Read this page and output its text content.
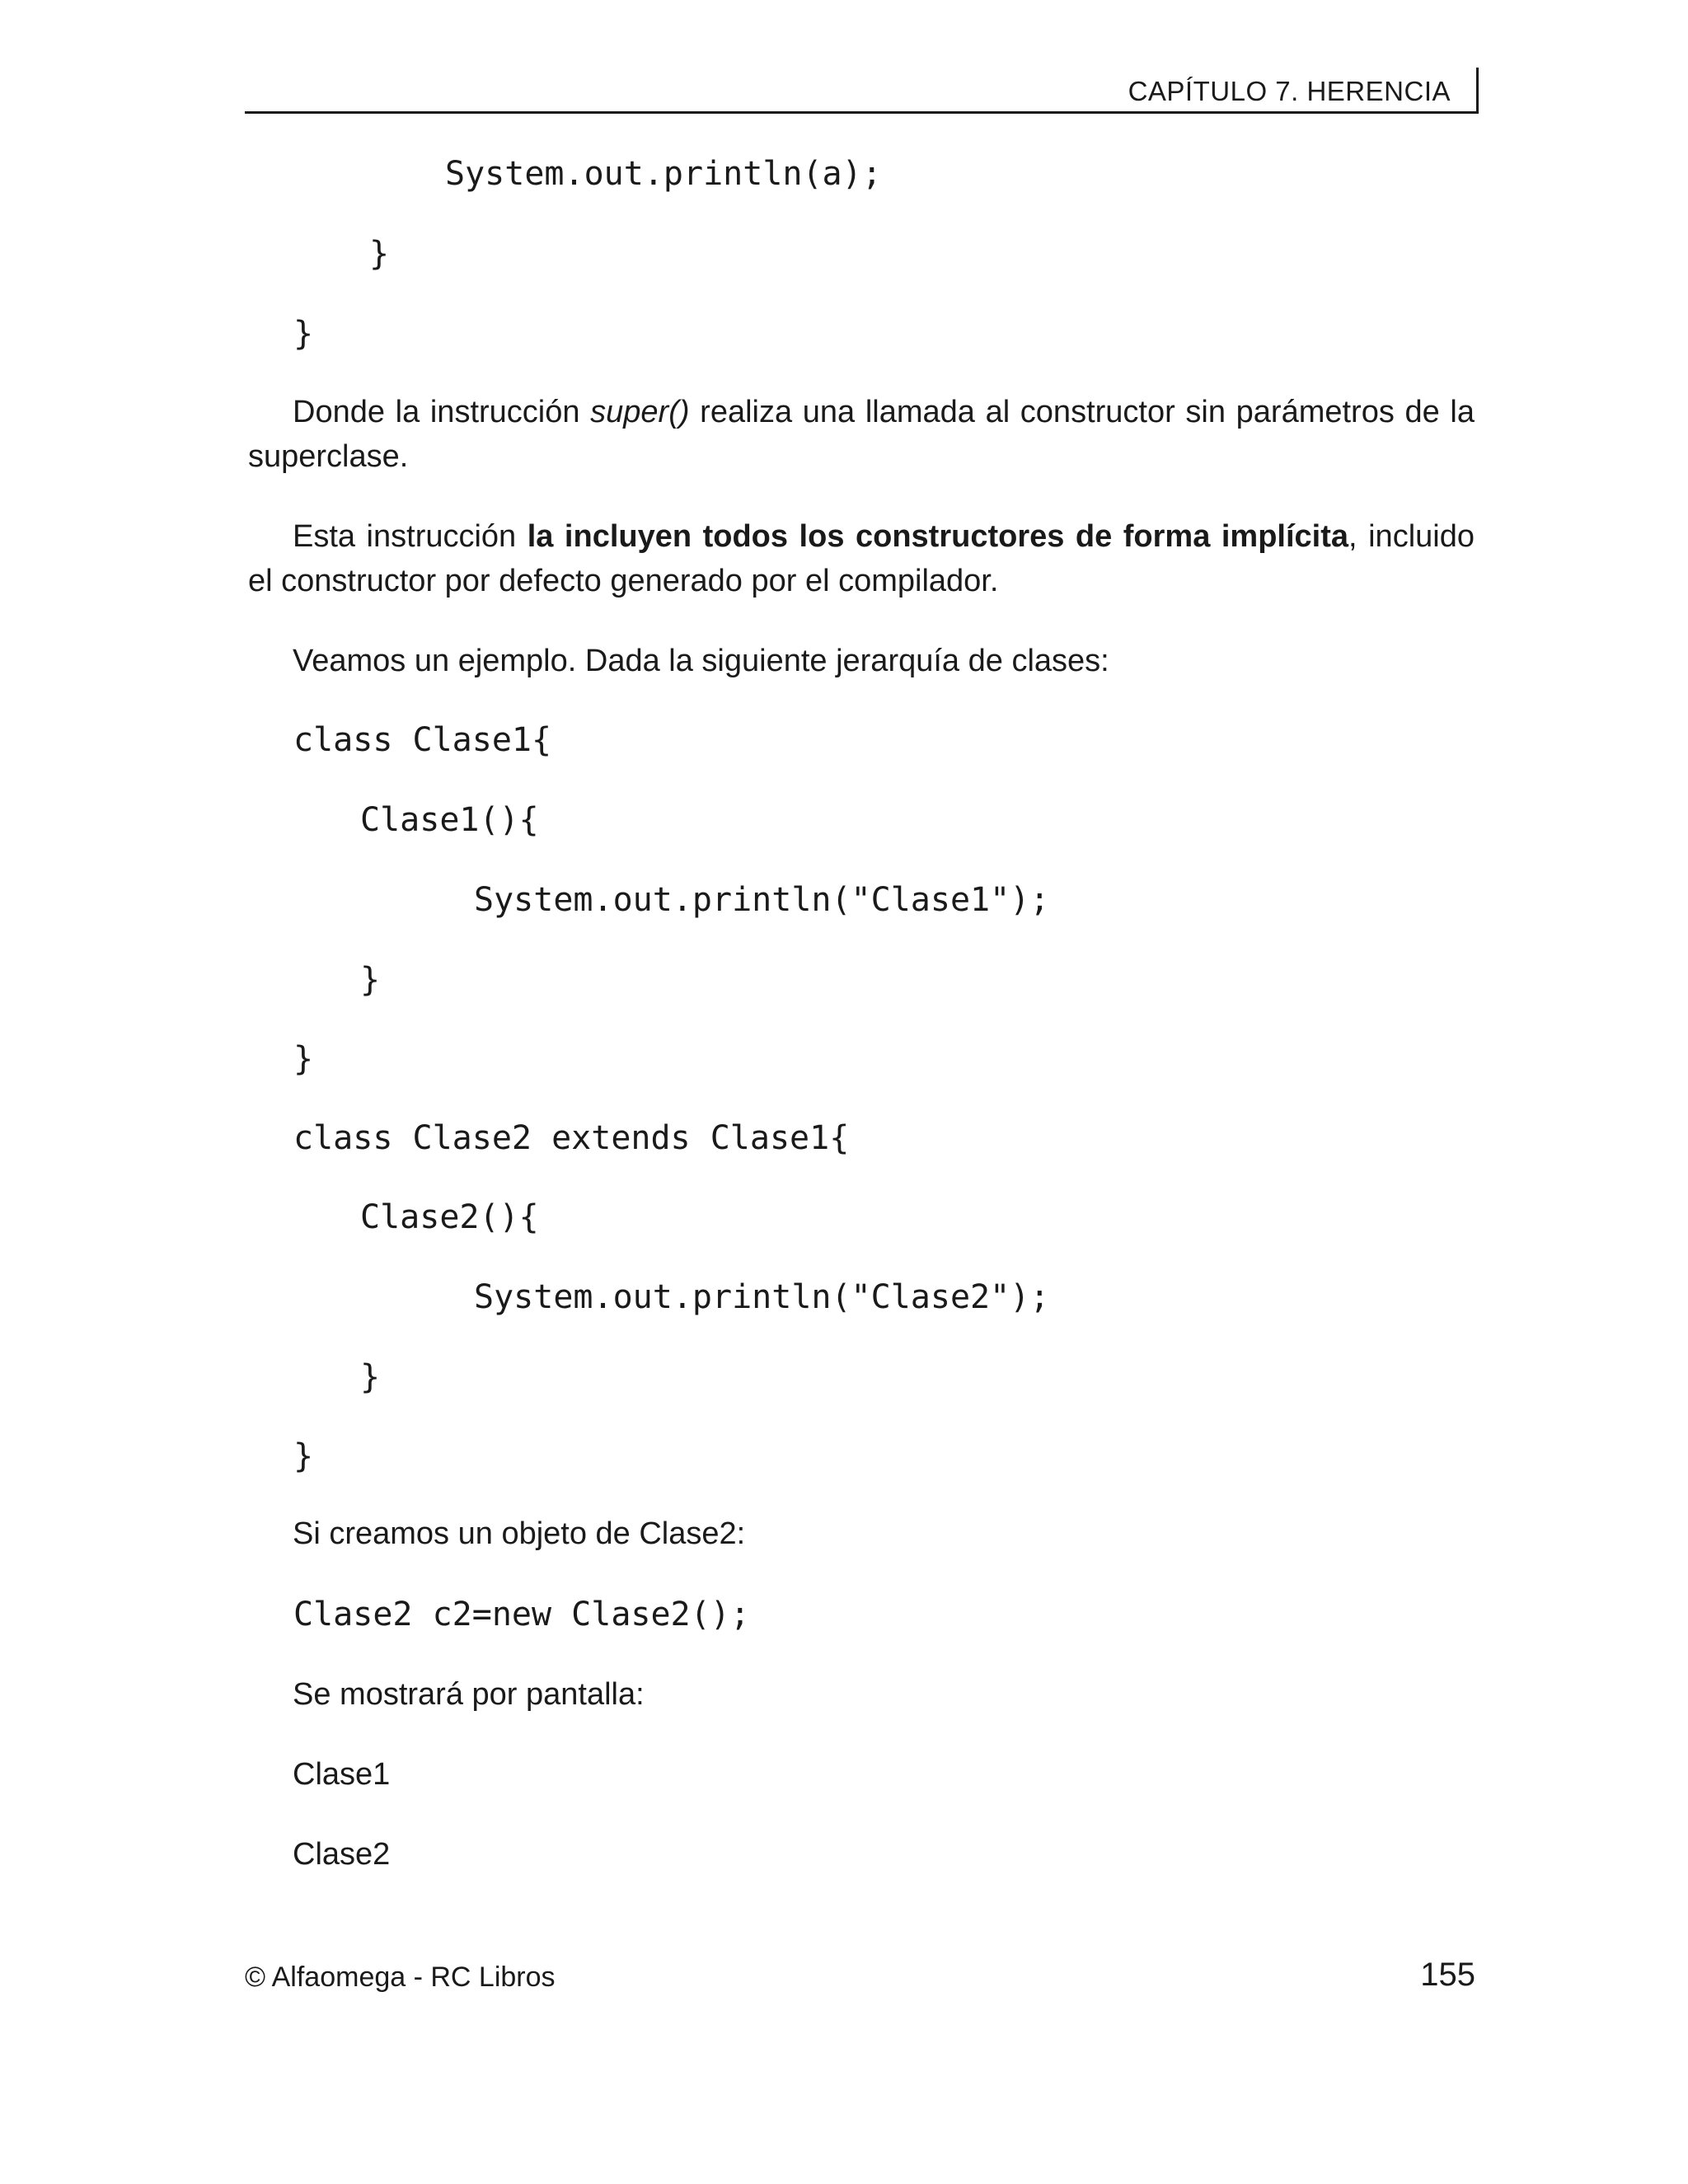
CAPÍTULO 7. HERENCIA
System.out.println(a);
}
}

Donde la instrucción super() realiza una llamada al constructor sin parámetros de la superclase.

Esta instrucción la incluyen todos los constructores de forma implícita, incluido el constructor por defecto generado por el compilador.

Veamos un ejemplo. Dada la siguiente jerarquía de clases:
class Clase1{
Clase1(){
System.out.println("Clase1");
}
}
class Clase2 extends Clase1{
Clase2(){
System.out.println("Clase2");
}
}
Si creamos un objeto de Clase2:
Clase2 c2=new Clase2();
Se mostrará por pantalla:
Clase1
Clase2
© Alfaomega - RC Libros	155
